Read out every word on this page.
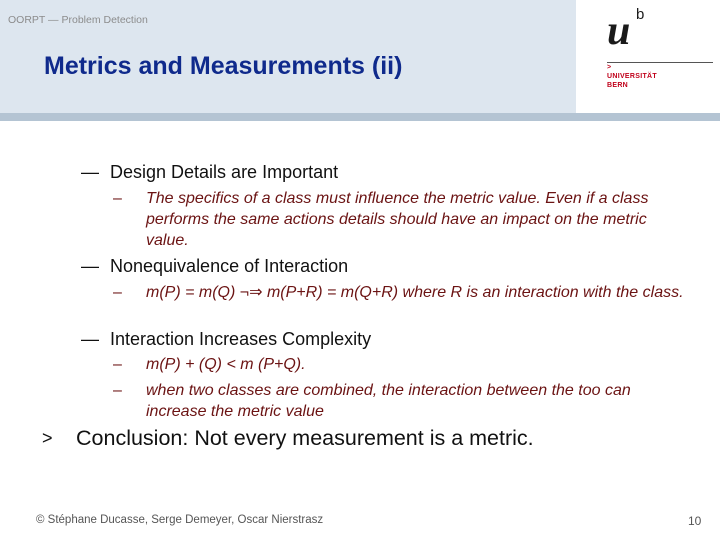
OORPT — Problem Detection
Metrics and Measurements (ii)
u b
>
UNIVERSITÄT
BERN
— Design Details are Important
– The specifics of a class must influence the metric value. Even if a class performs the same actions details should have an impact on the metric value.
— Nonequivalence of Interaction
– m(P) = m(Q) ¬⇒ m(P+R) = m(Q+R) where R is an interaction with the class.
— Interaction Increases Complexity
– m(P) + (Q) < m (P+Q).
– when two classes are combined, the interaction between the too can increase the metric value
> Conclusion: Not every measurement is a metric.
© Stéphane Ducasse, Serge Demeyer, Oscar Nierstrasz	10
